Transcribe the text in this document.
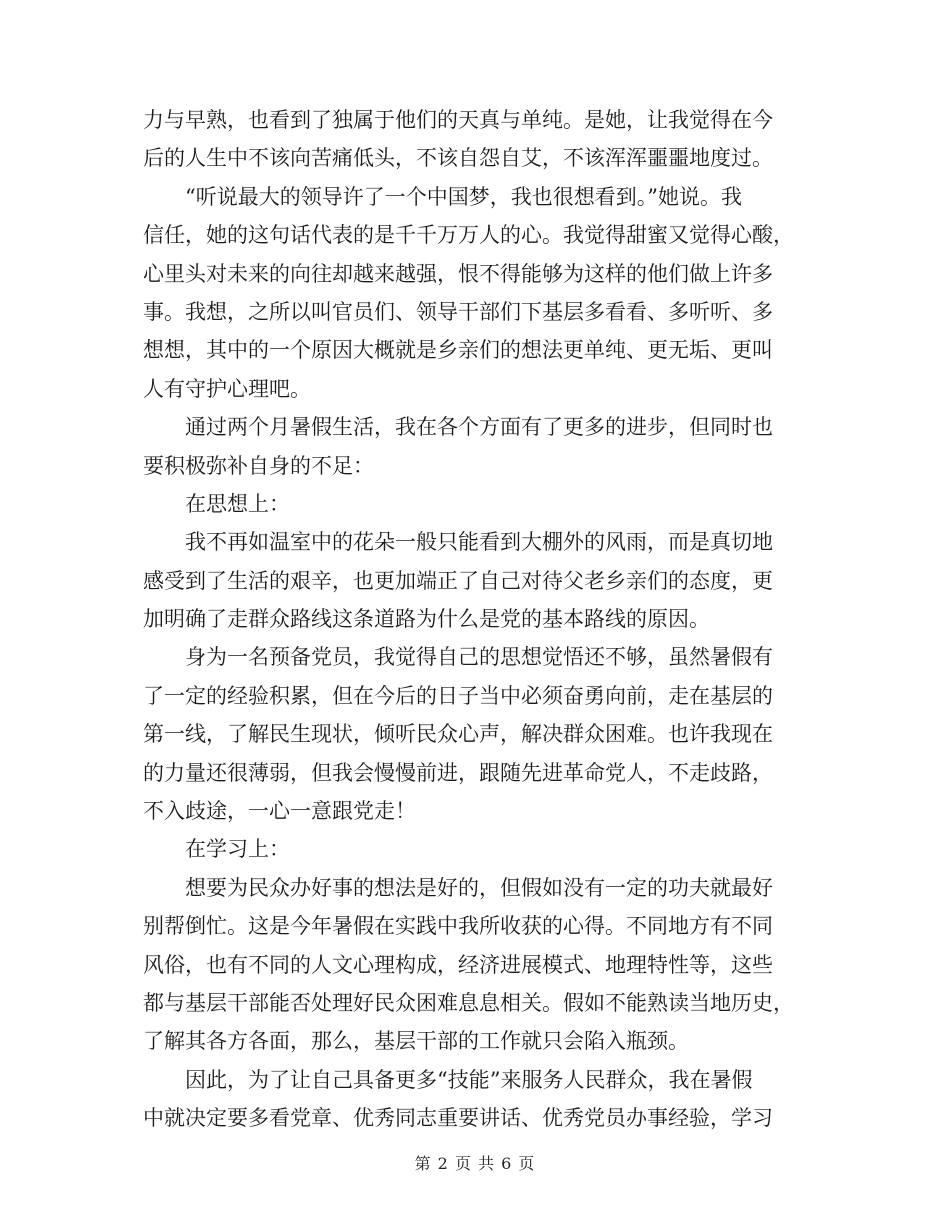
力与早熟，也看到了独属于他们的天真与单纯。是她，让我觉得在今
后的人生中不该向苦痛低头，不该自怨自艾，不该浑浑噩噩地度过。
“听说最大的领导许了一个中国梦，我也很想看到。”她说。我
信任，她的这句话代表的是千千万万人的心。我觉得甜蜜又觉得心酸，
心里头对未来的向往却越来越强，恨不得能够为这样的他们做上许多
事。我想，之所以叫官员们、领导干部们下基层多看看、多听听、多
想想，其中的一个原因大概就是乡亲们的想法更单纯、更无垢、更叫
人有守护心理吧。
通过两个月暑假生活，我在各个方面有了更多的进步，但同时也
要积极弥补自身的不足：
在思想上：
我不再如温室中的花朵一般只能看到大棚外的风雨，而是真切地
感受到了生活的艰辛，也更加端正了自己对待父老乡亲们的态度，更
加明确了走群众路线这条道路为什么是党的基本路线的原因。
身为一名预备党员，我觉得自己的思想觉悟还不够，虽然暑假有
了一定的经验积累，但在今后的日子当中必须奋勇向前，走在基层的
第一线，了解民生现状，倾听民众心声，解决群众困难。也许我现在
的力量还很薄弱，但我会慢慢前进，跟随先进革命党人，不走歧路，
不入歧途，一心一意跟党走！
在学习上：
想要为民众办好事的想法是好的，但假如没有一定的功夫就最好
别帮倒忙。这是今年暑假在实践中我所收获的心得。不同地方有不同
风俗，也有不同的人文心理构成，经济进展模式、地理特性等，这些
都与基层干部能否处理好民众困难息息相关。假如不能熟读当地历史，
了解其各方各面，那么，基层干部的工作就只会陷入瓶颈。
因此，为了让自己具备更多“技能”来服务人民群众，我在暑假
中就决定要多看党章、优秀同志重要讲话、优秀党员办事经验，学习
第 2 页 共 6 页
